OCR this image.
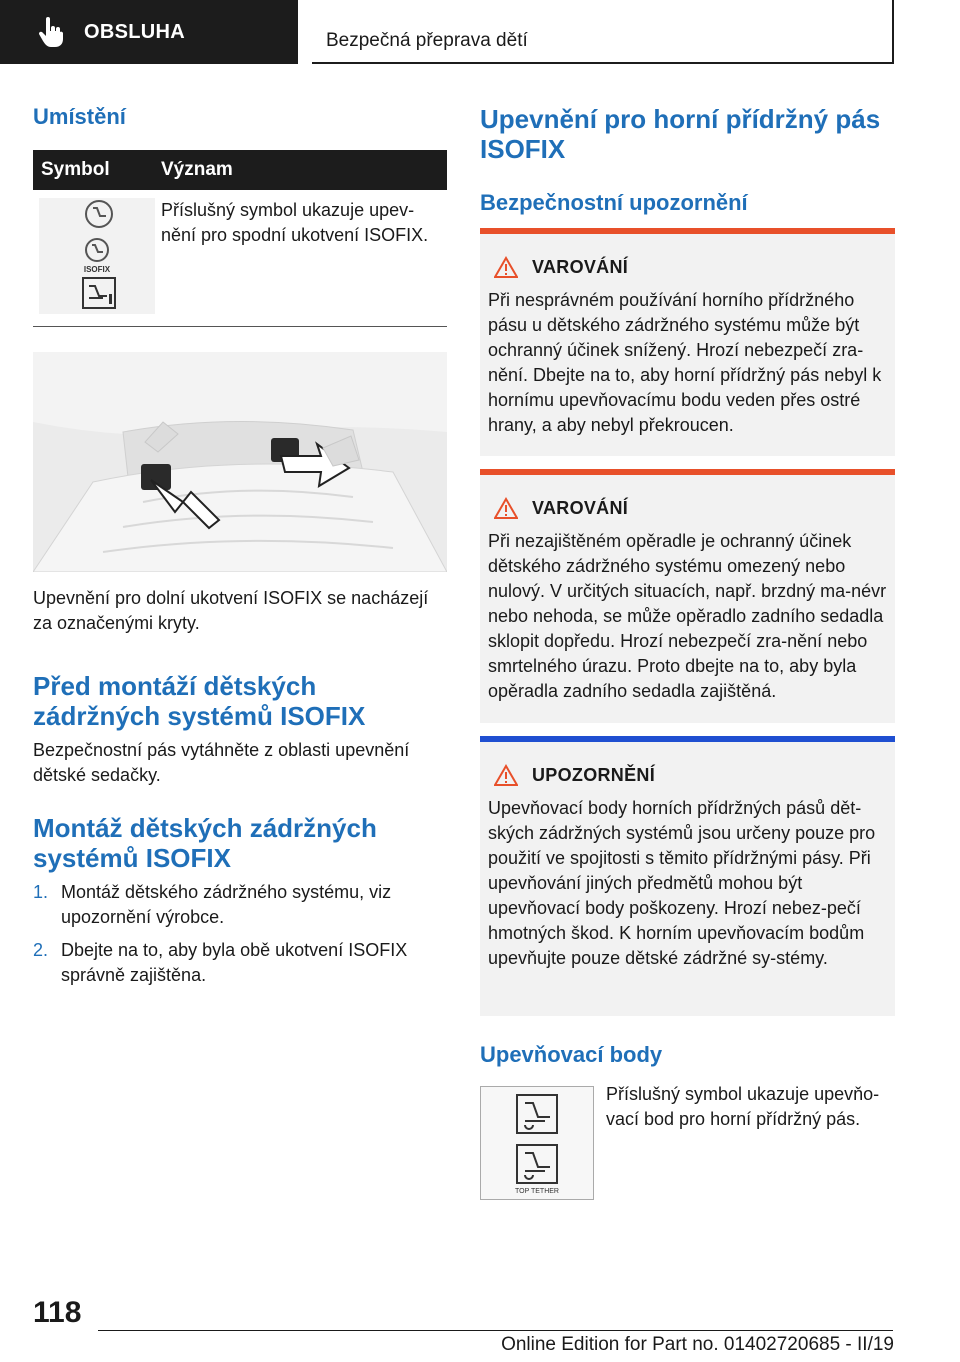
OBSLUHA	Bezpečná přeprava dětí
Umístění
Symbol	Význam
ISOFIX
Příslušný symbol ukazuje upev-nění pro spodní ukotvení ISOFIX.

Upevnění pro dolní ukotvení ISOFIX se nacházejí za označenými kryty.

Před montáží dětských zádržných systémů ISOFIX

Bezpečnostní pás vytáhněte z oblasti upevnění dětské sedačky.

Montáž dětských zádržných systémů ISOFIX
1. Montáž dětského zádržného systému, viz upozornění výrobce.
2. Dbejte na to, aby byla obě ukotvení ISOFIX správně zajištěna.
Upevnění pro horní přídržný pás ISOFIX
Bezpečnostní upozornění
VAROVÁNÍ

Při nesprávném používání horního přídržného pásu u dětského zádržného systému může být ochranný účinek snížený. Hrozí nebezpečí zra-nění. Dbejte na to, aby horní přídržný pás nebyl k hornímu upevňovacímu bodu veden přes ostré hrany, a aby nebyl překroucen.

VAROVÁNÍ

Při nezajištěném opěradle je ochranný účinek dětského zádržného systému omezený nebo nulový. V určitých situacích, např. brzdný ma-névr nebo nehoda, se může opěradlo zadního sedadla sklopit dopředu. Hrozí nebezpečí zra-nění nebo smrtelného úrazu. Proto dbejte na to, aby byla opěradla zadního sedadla zajištěná.

UPOZORNĚNÍ

Upevňovací body horních přídržných pásů dět-ských zádržných systémů jsou určeny pouze pro použití ve spojitosti s těmito přídržnými pásy. Při upevňování jiných předmětů mohou být upevňovací body poškozeny. Hrozí nebez-pečí hmotných škod. K horním upevňovacím bodům upevňujte pouze dětské zádržné sy-stémy.

Upevňovací body
TOP TETHER

Příslušný symbol ukazuje upevňo-vací bod pro horní přídržný pás.

118
Online Edition for Part no. 01402720685 - II/19
